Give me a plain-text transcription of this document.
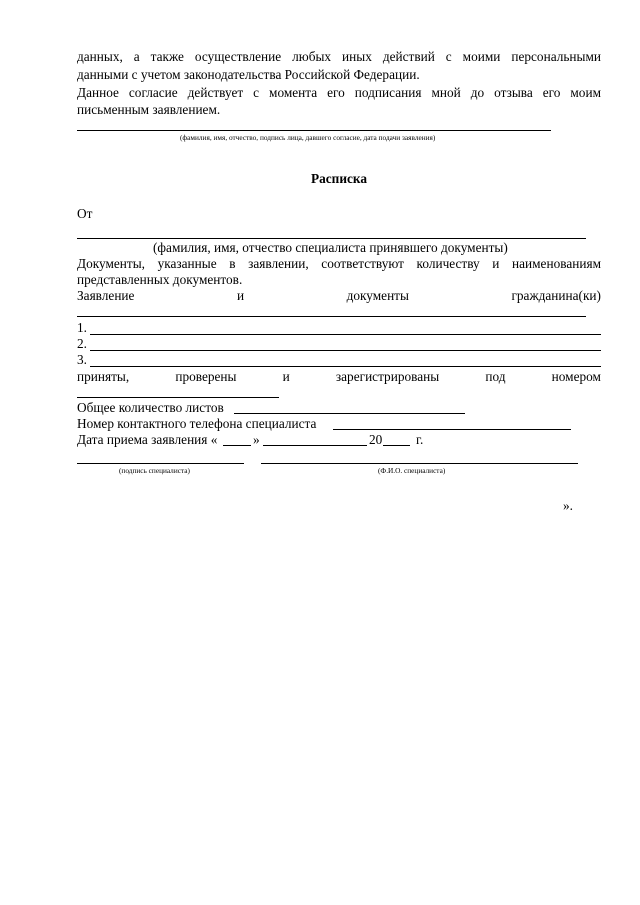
данных, а также осуществление любых иных действий с моими персональными

данными с учетом законодательства Российской Федерации.

Данное согласие действует с момента его подписания мной до отзыва его моим

письменным заявлением.

(фамилия, имя, отчество, подпись лица, давшего согласие, дата подачи заявления)

Расписка

От

(фамилия, имя, отчество специалиста принявшего документы)

Документы, указанные в заявлении, соответствуют количеству и наименованиям

представленных документов.

Заявление	и	документы	гражданина(ки)

1.

2.

3.

приняты,	проверены	и	зарегистрированы	под	номером

Общее количество листов

Номер контактного телефона специалиста

Дата приема заявления «	»	20	г.

(подпись специалиста)	(Ф.И.О. специалиста)

».
